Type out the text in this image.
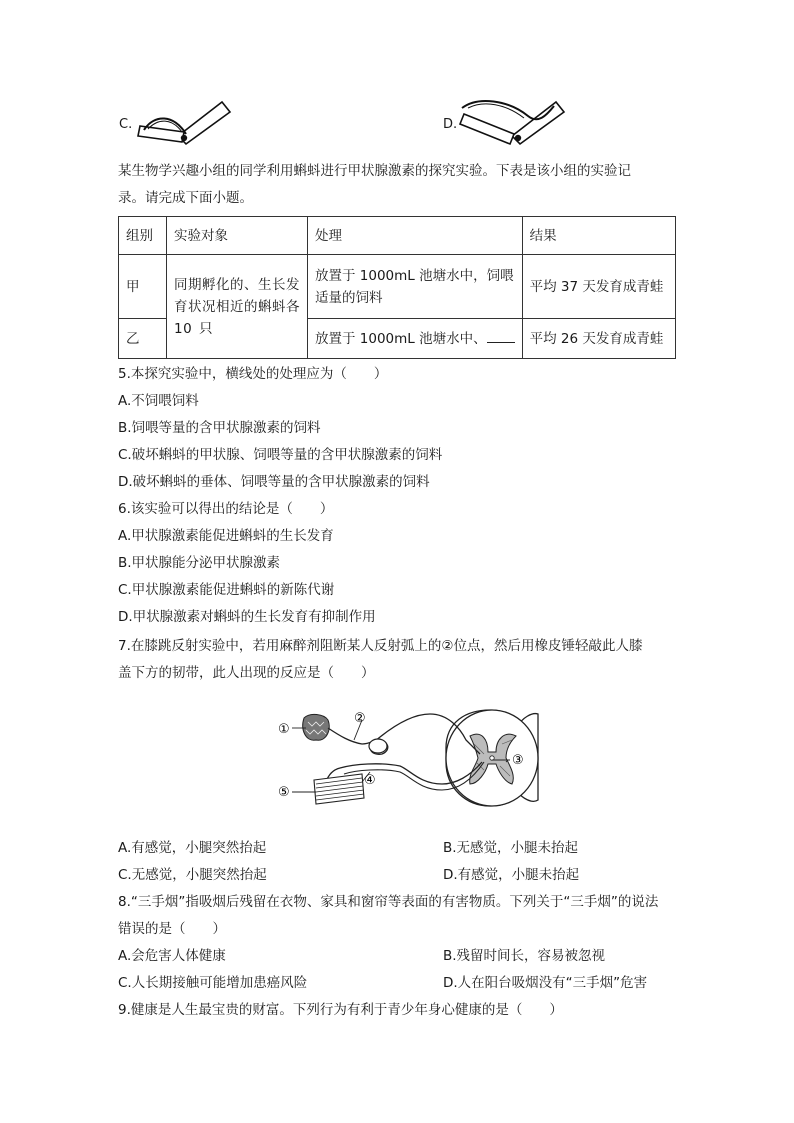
C.	D.
某生物学兴趣小组的同学利用蝌蚪进行甲状腺激素的探究实验。下表是该小组的实验记
录。请完成下面小题。
组别	实验对象	处理	结果
甲	同期孵化的、生长发育状况相近的蝌蚪各 10 只	放置于 1000mL 池塘水中，饲喂适量的饲料	平均 37 天发育成青蛙
乙		放置于 1000mL 池塘水中、	平均 26 天发育成青蛙
5.本探究实验中，横线处的处理应为（　　）
A.不饲喂饲料
B.饲喂等量的含甲状腺激素的饲料
C.破坏蝌蚪的甲状腺、饲喂等量的含甲状腺激素的饲料
D.破坏蝌蚪的垂体、饲喂等量的含甲状腺激素的饲料
6.该实验可以得出的结论是（　　）
A.甲状腺激素能促进蝌蚪的生长发育
B.甲状腺能分泌甲状腺激素
C.甲状腺激素能促进蝌蚪的新陈代谢
D.甲状腺激素对蝌蚪的生长发育有抑制作用
7.在膝跳反射实验中，若用麻醉剂阻断某人反射弧上的②位点，然后用橡皮锤轻敲此人膝
盖下方的韧带，此人出现的反应是（　　）
①
②
③
④
⑤
A.有感觉，小腿突然抬起	B.无感觉，小腿未抬起
C.无感觉，小腿突然抬起	D.有感觉，小腿未抬起
8.“三手烟”指吸烟后残留在衣物、家具和窗帘等表面的有害物质。下列关于“三手烟”的说法
错误的是（　　）
A.会危害人体健康	B.残留时间长，容易被忽视
C.人长期接触可能增加患癌风险	D.人在阳台吸烟没有“三手烟”危害
9.健康是人生最宝贵的财富。下列行为有利于青少年身心健康的是（　　）
